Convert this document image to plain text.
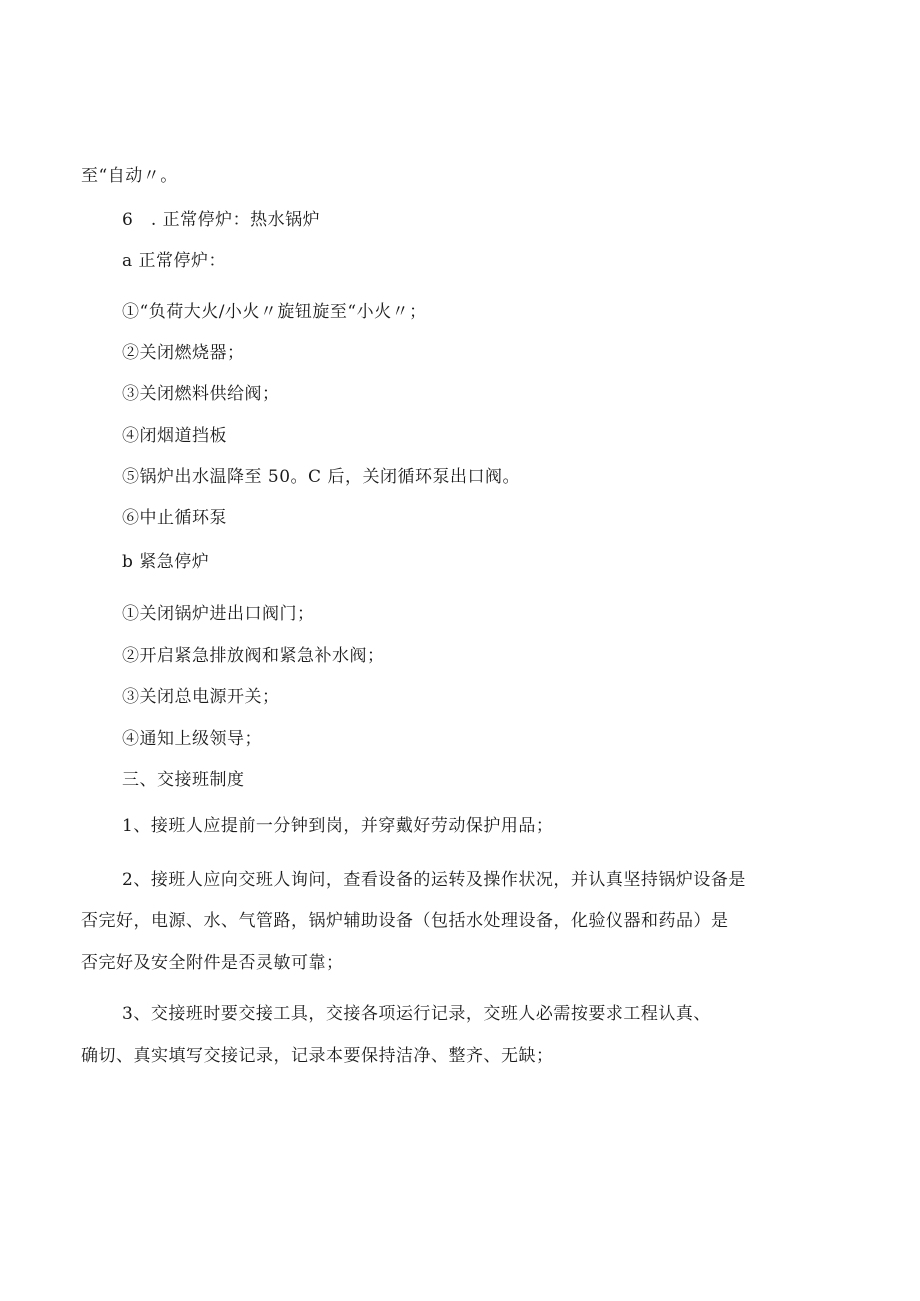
至“自动〃。
6　. 正常停炉：热水锅炉
a 正常停炉：
①“负荷大火/小火〃旋钮旋至“小火〃；
②关闭燃烧器；
③关闭燃料供给阀；
④闭烟道挡板
⑤锅炉出水温降至 50。C 后，关闭循环泵出口阀。
⑥中止循环泵
b 紧急停炉
①关闭锅炉进出口阀门；
②开启紧急排放阀和紧急补水阀；
③关闭总电源开关；
④通知上级领导；
三、交接班制度
1、接班人应提前一分钟到岗，并穿戴好劳动保护用品；
2、接班人应向交班人询问，查看设备的运转及操作状况，并认真坚持锅炉设备是
否完好，电源、水、气管路，锅炉辅助设备（包括水处理设备，化验仪器和药品）是
否完好及安全附件是否灵敏可靠；
3、交接班时要交接工具，交接各项运行记录，交班人必需按要求工程认真、
确切、真实填写交接记录，记录本要保持洁净、整齐、无缺；
